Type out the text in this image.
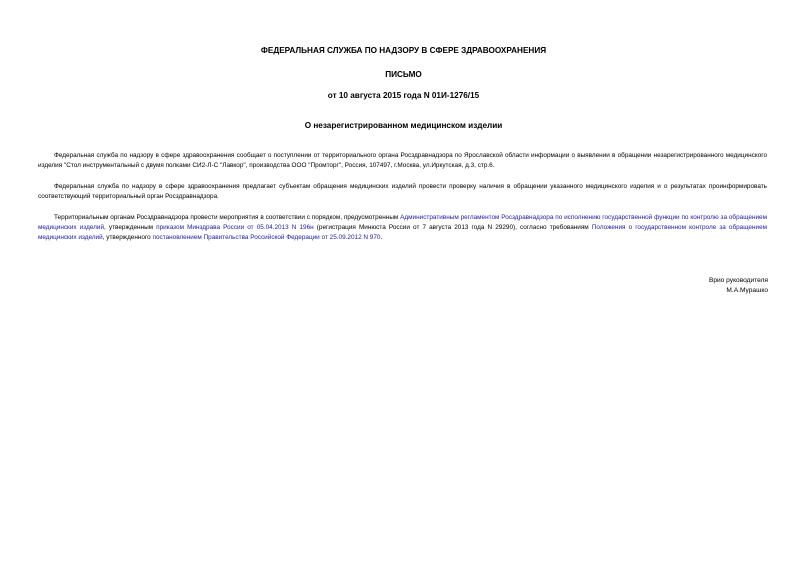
ФЕДЕРАЛЬНАЯ СЛУЖБА ПО НАДЗОРУ В СФЕРЕ ЗДРАВООХРАНЕНИЯ
ПИСЬМО
от 10 августа 2015 года N 01И-1276/15
О незарегистрированном медицинском изделии
Федеральная служба по надзору в сфере здравоохранения сообщает о поступлении от территориального органа Росздравнадзора по Ярославской области информации о выявлении в обращении незарегистрированного медицинского изделия "Стол инструментальный с двумя полками СИ2-Л-С "Лавкор", производства ООО "Промторг", Россия, 107497, г.Москва, ул.Иркутская, д.3, стр.6.
Федеральная служба по надзору в сфере здравоохранения предлагает субъектам обращения медицинских изделий провести проверку наличия в обращении указанного медицинского изделия и о результатах проинформировать соответствующий территориальный орган Росздравнадзора.
Территориальным органам Росздравнадзора провести мероприятия в соответствии с порядком, предусмотренным Административным регламентом Росздравнадзора по исполнению государственной функции по контролю за обращением медицинских изделий, утвержденным приказом Минздрава России от 05.04.2013 N 196н (регистрация Минюста России от 7 августа 2013 года N 29290), согласно требованиям Положения о государственном контроле за обращением медицинских изделий, утвержденного постановлением Правительства Российской Федерации от 25.09.2012 N 970.
Врио руководителя
М.А.Мурашко
